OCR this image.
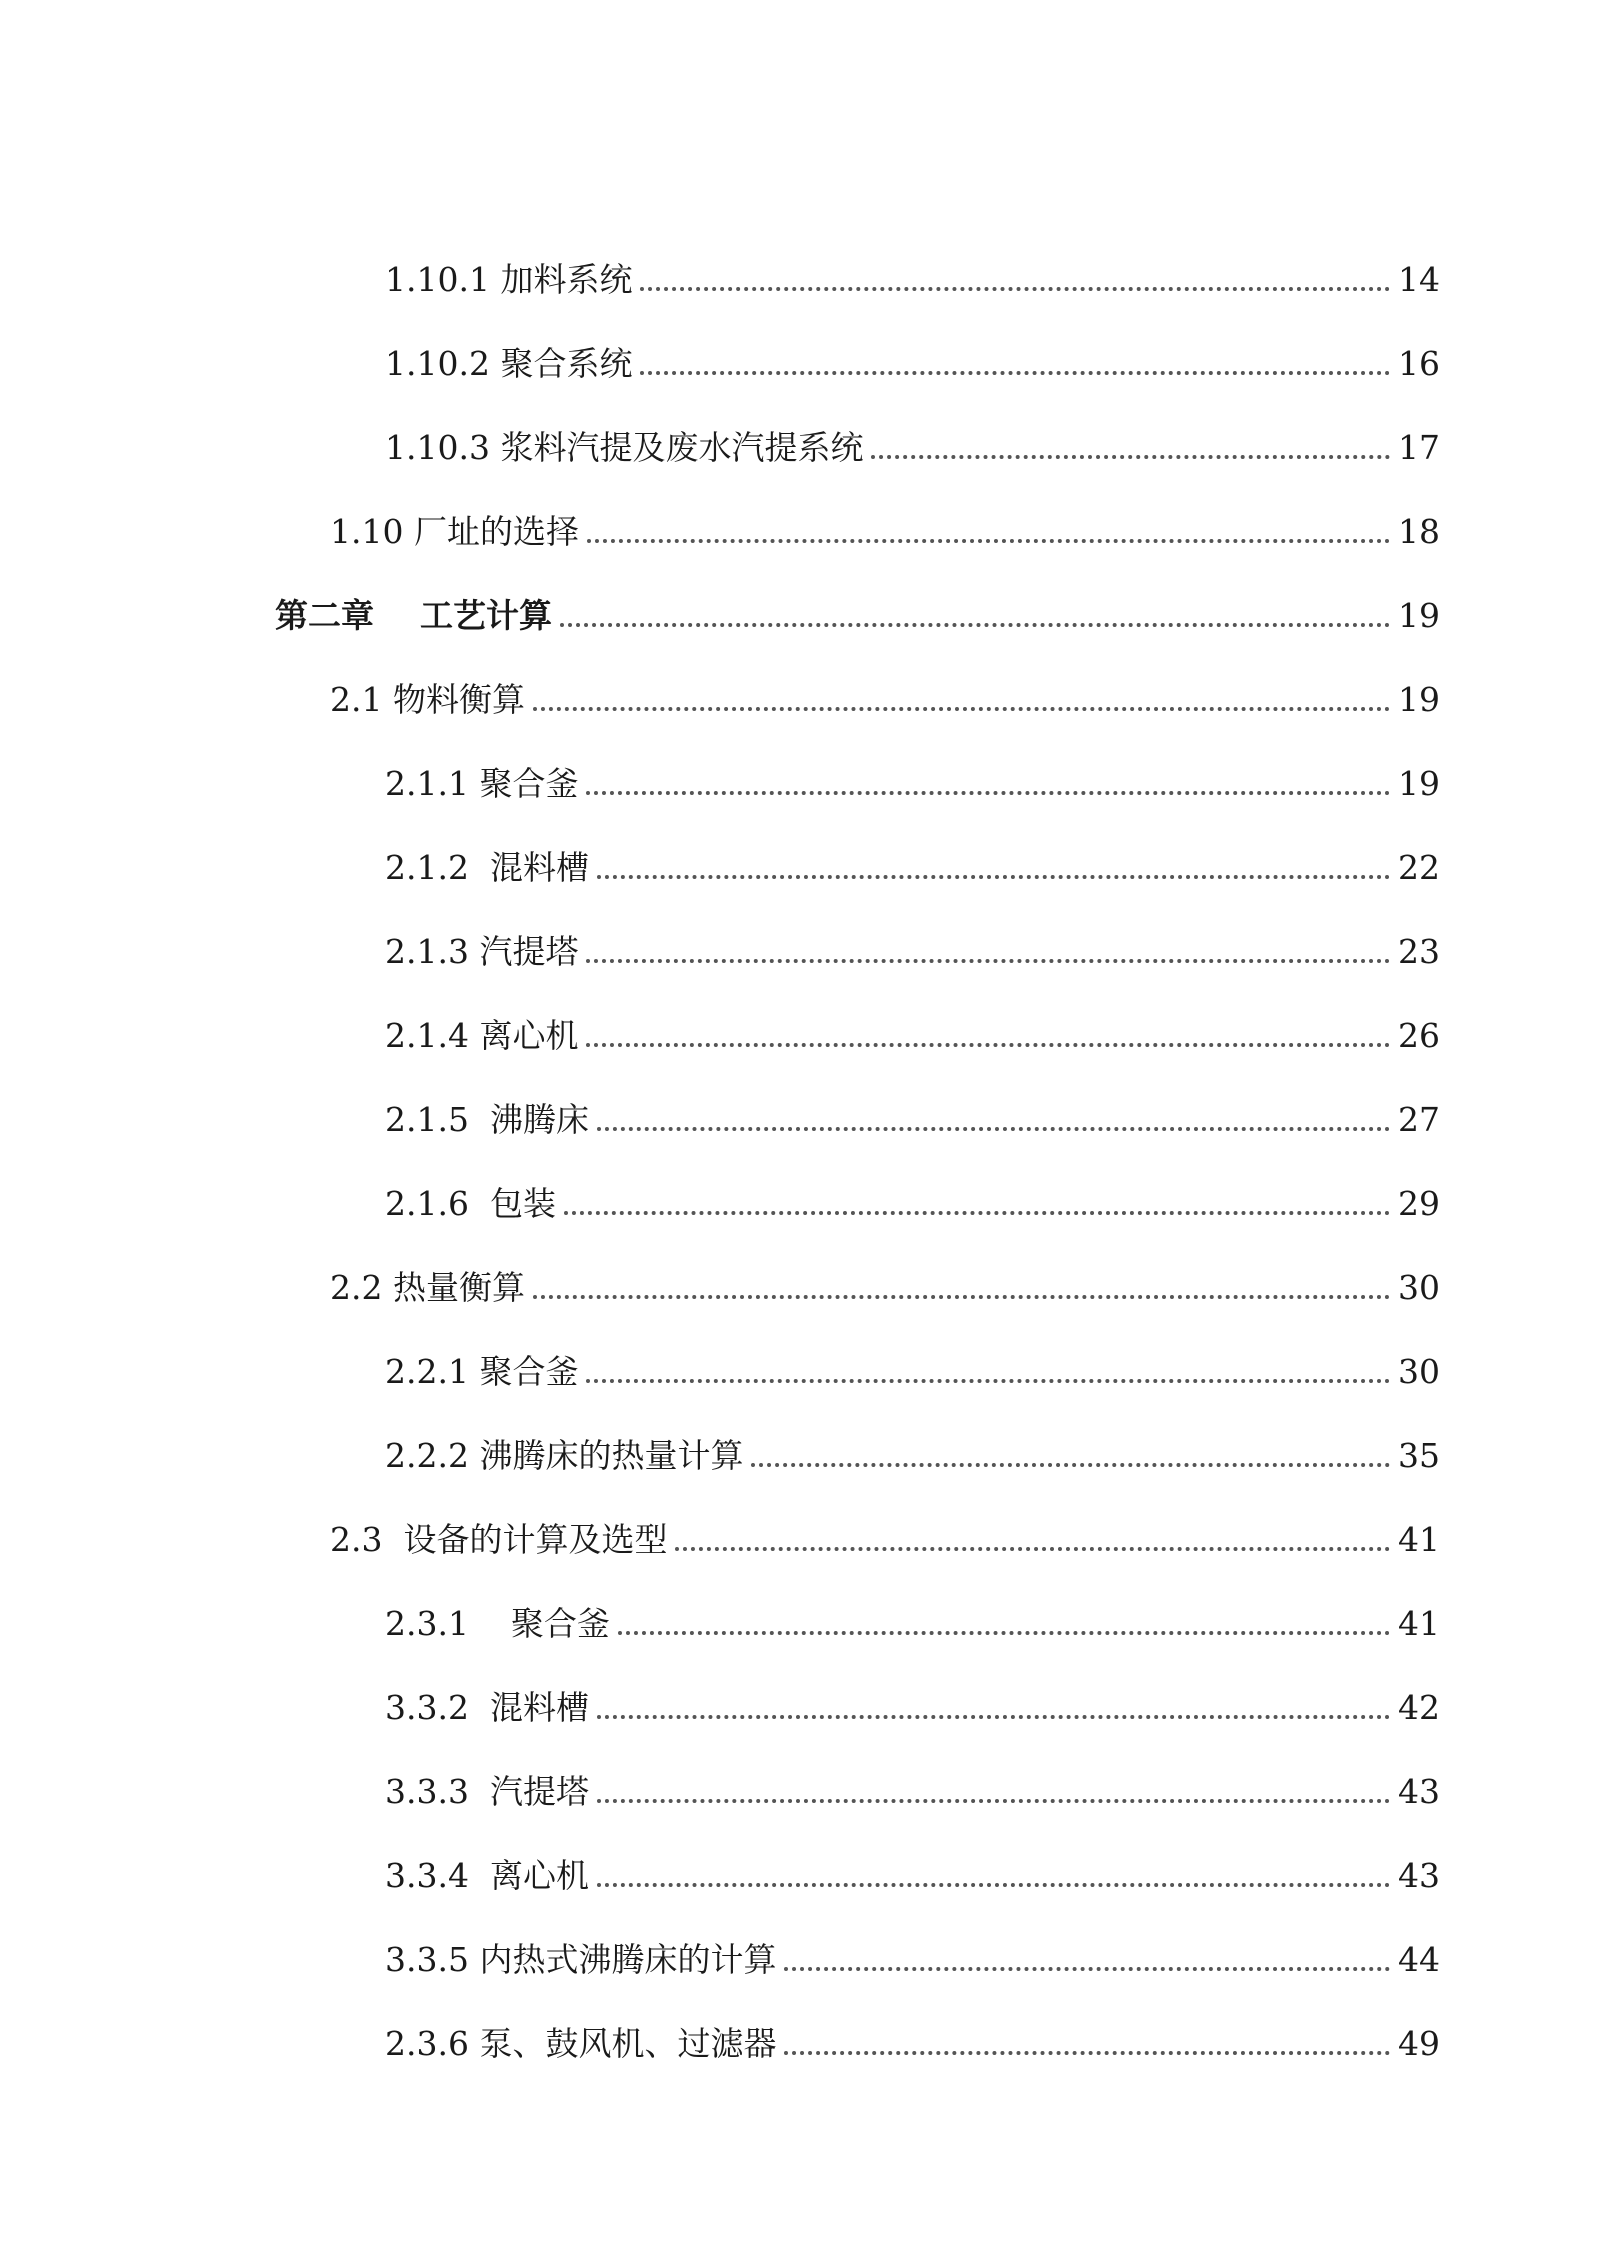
1.10.1 加料系统	14
1.10.2 聚合系统	16
1.10.3 浆料汽提及废水汽提系统	17
1.10 厂址的选择	18
第二章    工艺计算	19
2.1 物料衡算	19
2.1.1 聚合釜	19
2.1.2  混料槽	22
2.1.3 汽提塔	23
2.1.4 离心机	26
2.1.5  沸腾床	27
2.1.6  包装	29
2.2 热量衡算	30
2.2.1 聚合釜	30
2.2.2 沸腾床的热量计算	35
2.3  设备的计算及选型	41
2.3.1    聚合釜	41
3.3.2  混料槽	42
3.3.3  汽提塔	43
3.3.4  离心机	43
3.3.5 内热式沸腾床的计算	44
2.3.6 泵、鼓风机、过滤器	49
